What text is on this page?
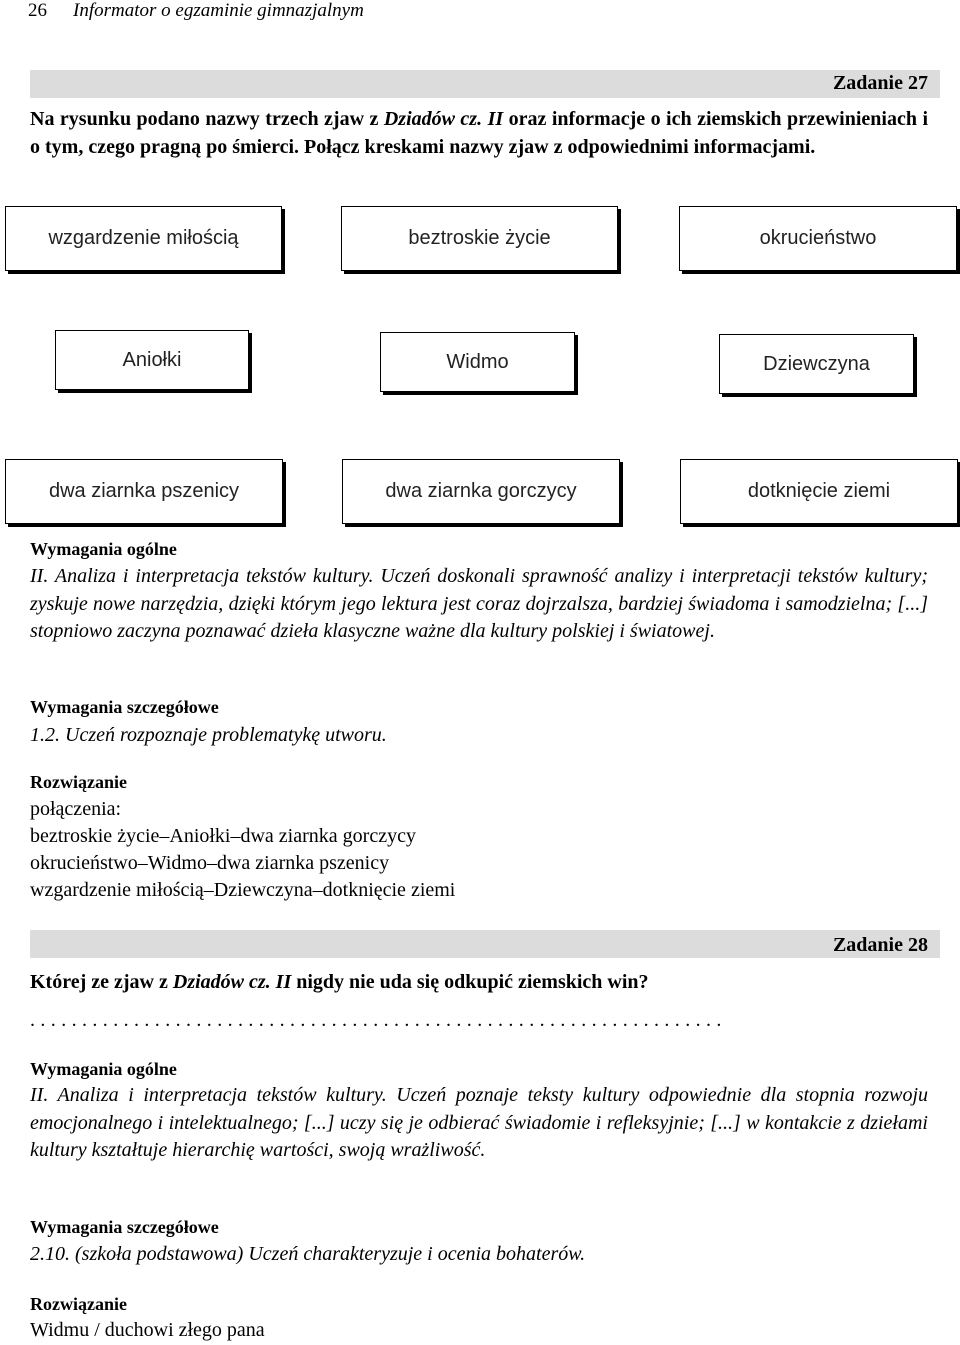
26 Informator o egzaminie gimnazjalnym
Zadanie 27
Na rysunku podano nazwy trzech zjaw z Dziadów cz. II oraz informacje o ich ziemskich przewinieniach i o tym, czego pragną po śmierci. Połącz kreskami nazwy zjaw z odpowiednimi informacjami.
wzgardzenie miłością	beztroskie życie	okrucieństwo
Aniołki	Widmo	Dziewczyna
dwa ziarnka pszenicy	dwa ziarnka gorczycy	dotknięcie ziemi
Wymagania ogólne
II. Analiza i interpretacja tekstów kultury. Uczeń doskonali sprawność analizy i interpretacji tekstów kultury; zyskuje nowe narzędzia, dzięki którym jego lektura jest coraz dojrzalsza, bardziej świadoma i samodzielna; [...] stopniowo zaczyna poznawać dzieła klasyczne ważne dla kultury polskiej i światowej.
Wymagania szczegółowe
1.2. Uczeń rozpoznaje problematykę utworu.
Rozwiązanie
połączenia:
beztroskie życie–Aniołki–dwa ziarnka gorczycy
okrucieństwo–Widmo–dwa ziarnka pszenicy
wzgardzenie miłością–Dziewczyna–dotknięcie ziemi
Zadanie 28
Której ze zjaw z Dziadów cz. II nigdy nie uda się odkupić ziemskich win?
...................................................................
Wymagania ogólne
II. Analiza i interpretacja tekstów kultury. Uczeń poznaje teksty kultury odpowiednie dla stopnia rozwoju emocjonalnego i intelektualnego; [...] uczy się je odbierać świadomie i refleksyjnie; [...] w kontakcie z dziełami kultury kształtuje hierarchię wartości, swoją wrażliwość.
Wymagania szczegółowe
2.10. (szkoła podstawowa) Uczeń charakteryzuje i ocenia bohaterów.
Rozwiązanie
Widmu / duchowi złego pana
